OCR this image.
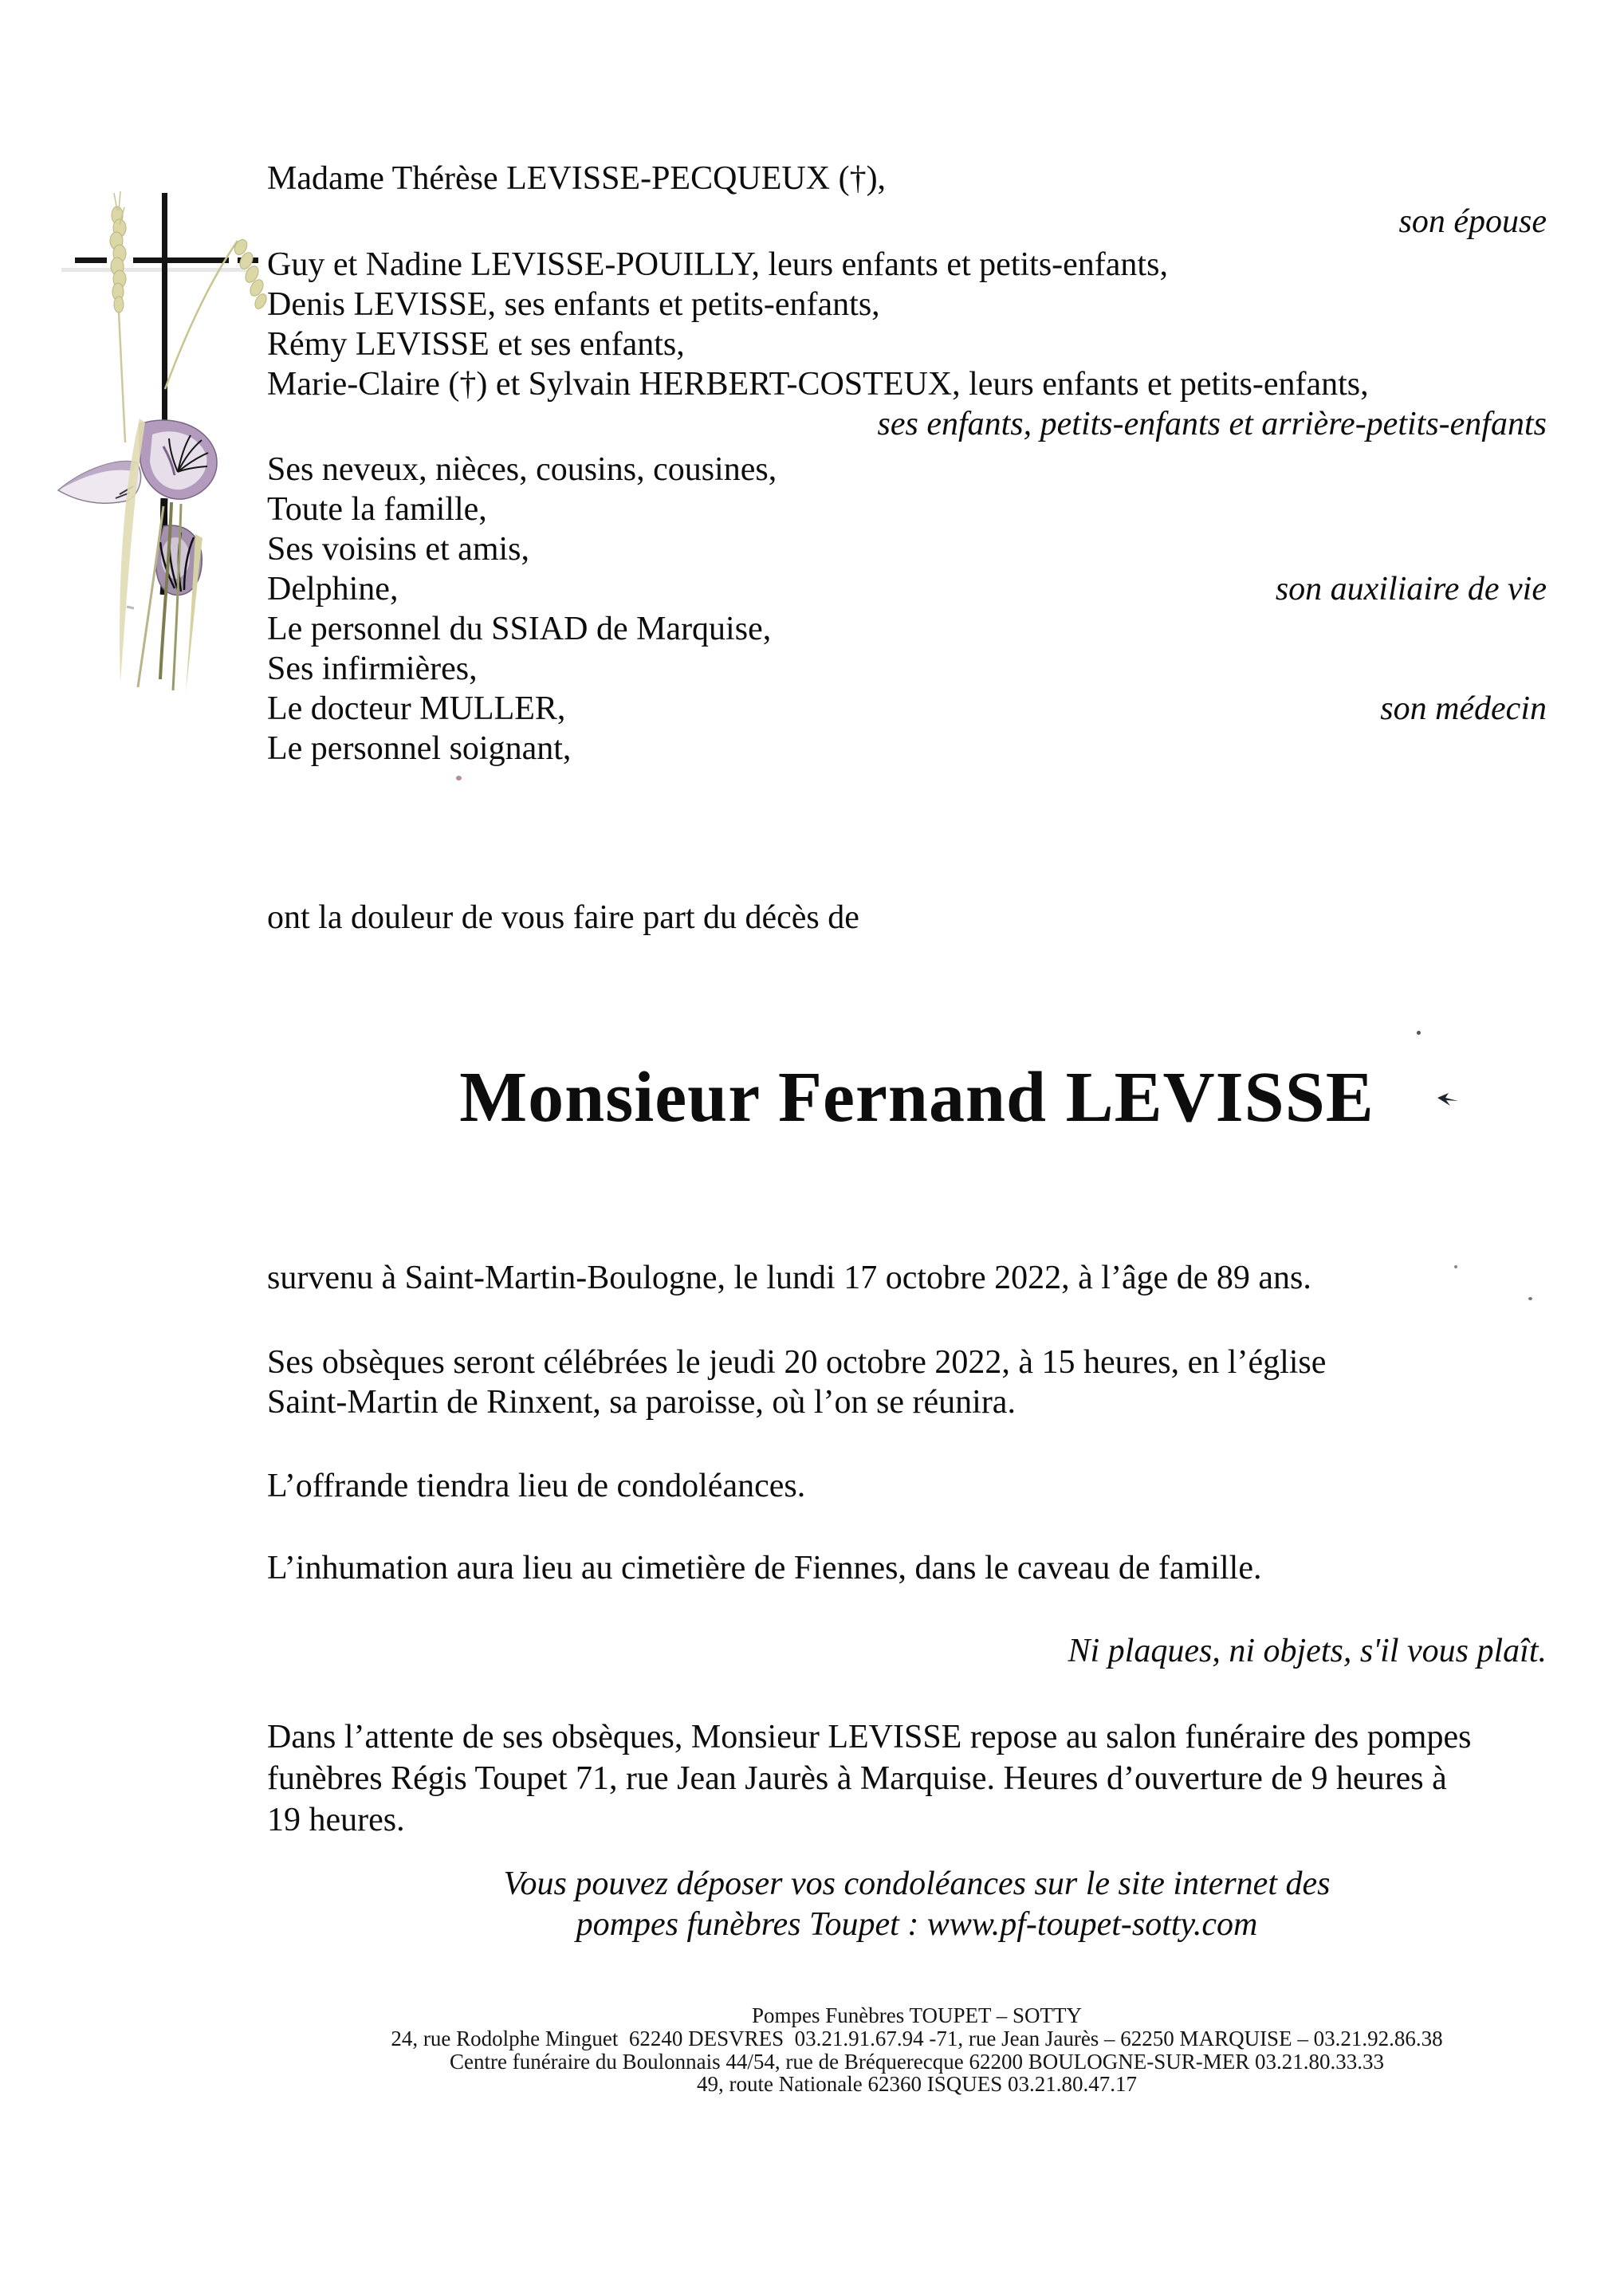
Madame Thérèse LEVISSE-PECQUEUX (†),
son épouse
Guy et Nadine LEVISSE-POUILLY, leurs enfants et petits-enfants,
Denis LEVISSE, ses enfants et petits-enfants,
Rémy LEVISSE et ses enfants,
Marie-Claire (†) et Sylvain HERBERT-COSTEUX, leurs enfants et petits-enfants,
ses enfants, petits-enfants et arrière-petits-enfants
Ses neveux, nièces, cousins, cousines,
Toute la famille,
Ses voisins et amis,
Delphine,	son auxiliaire de vie
Le personnel du SSIAD de Marquise,
Ses infirmières,
Le docteur MULLER,	son médecin
Le personnel soignant,
ont la douleur de vous faire part du décès de
Monsieur Fernand LEVISSE
survenu à Saint-Martin-Boulogne, le lundi 17 octobre 2022, à l’âge de 89 ans.
Ses obsèques seront célébrées le jeudi 20 octobre 2022, à 15 heures, en l’église
Saint-Martin de Rinxent, sa paroisse, où l’on se réunira.
L’offrande tiendra lieu de condoléances.
L’inhumation aura lieu au cimetière de Fiennes, dans le caveau de famille.
Ni plaques, ni objets, s'il vous plaît.
Dans l’attente de ses obsèques, Monsieur LEVISSE repose au salon funéraire des pompes
funèbres Régis Toupet 71, rue Jean Jaurès à Marquise. Heures d’ouverture de 9 heures à
19 heures.
Vous pouvez déposer vos condoléances sur le site internet des
pompes funèbres Toupet : www.pf-toupet-sotty.com
Pompes Funèbres TOUPET – SOTTY
24, rue Rodolphe Minguet  62240 DESVRES  03.21.91.67.94 -71, rue Jean Jaurès – 62250 MARQUISE – 03.21.92.86.38
Centre funéraire du Boulonnais 44/54, rue de Bréquerecque 62200 BOULOGNE-SUR-MER 03.21.80.33.33
49, route Nationale 62360 ISQUES 03.21.80.47.17
